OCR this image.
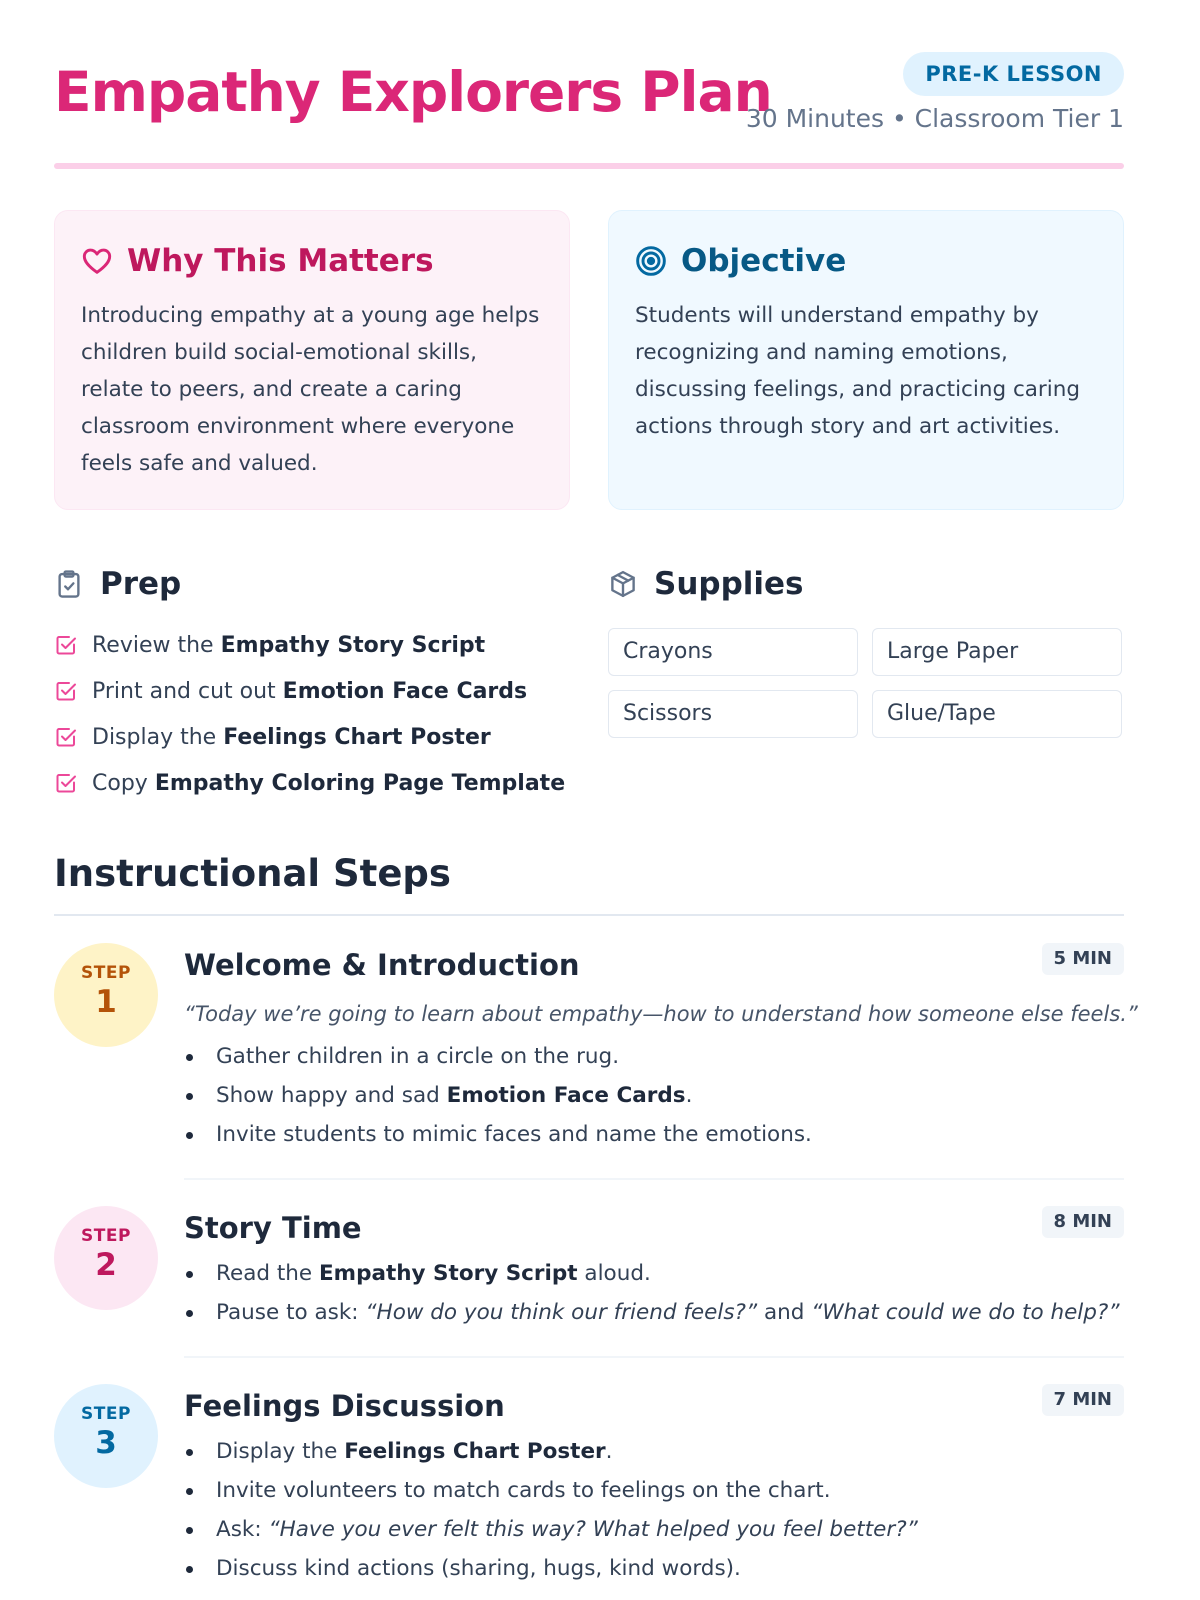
Empathy Explorers Plan	PRE-K LESSON
30 Minutes • Classroom Tier 1
Why This Matters

Introducing empathy at a young age helps children build social-emotional skills, relate to peers, and create a caring classroom environment where everyone feels safe and valued.

Objective

Students will understand empathy by recognizing and naming emotions, discussing feelings, and practicing caring actions through story and art activities.

Prep
Review the Empathy Story Script
Print and cut out Emotion Face Cards
Display the Feelings Chart Poster
Copy Empathy Coloring Page Template
Supplies
Crayons	Large Paper
Scissors	Glue/Tape
Instructional Steps
STEP
1
Welcome & Introduction	5 MIN

“Today we’re going to learn about empathy—how to understand how someone else feels.”

Gather children in a circle on the rug.
Show happy and sad Emotion Face Cards.
Invite students to mimic faces and name the emotions.
STEP
2
Story Time	8 MIN
Read the Empathy Story Script aloud.
Pause to ask: “How do you think our friend feels?” and “What could we do to help?”
STEP
3
Feelings Discussion	7 MIN
Display the Feelings Chart Poster.
Invite volunteers to match cards to feelings on the chart.
Ask: “Have you ever felt this way? What helped you feel better?”
Discuss kind actions (sharing, hugs, kind words).
